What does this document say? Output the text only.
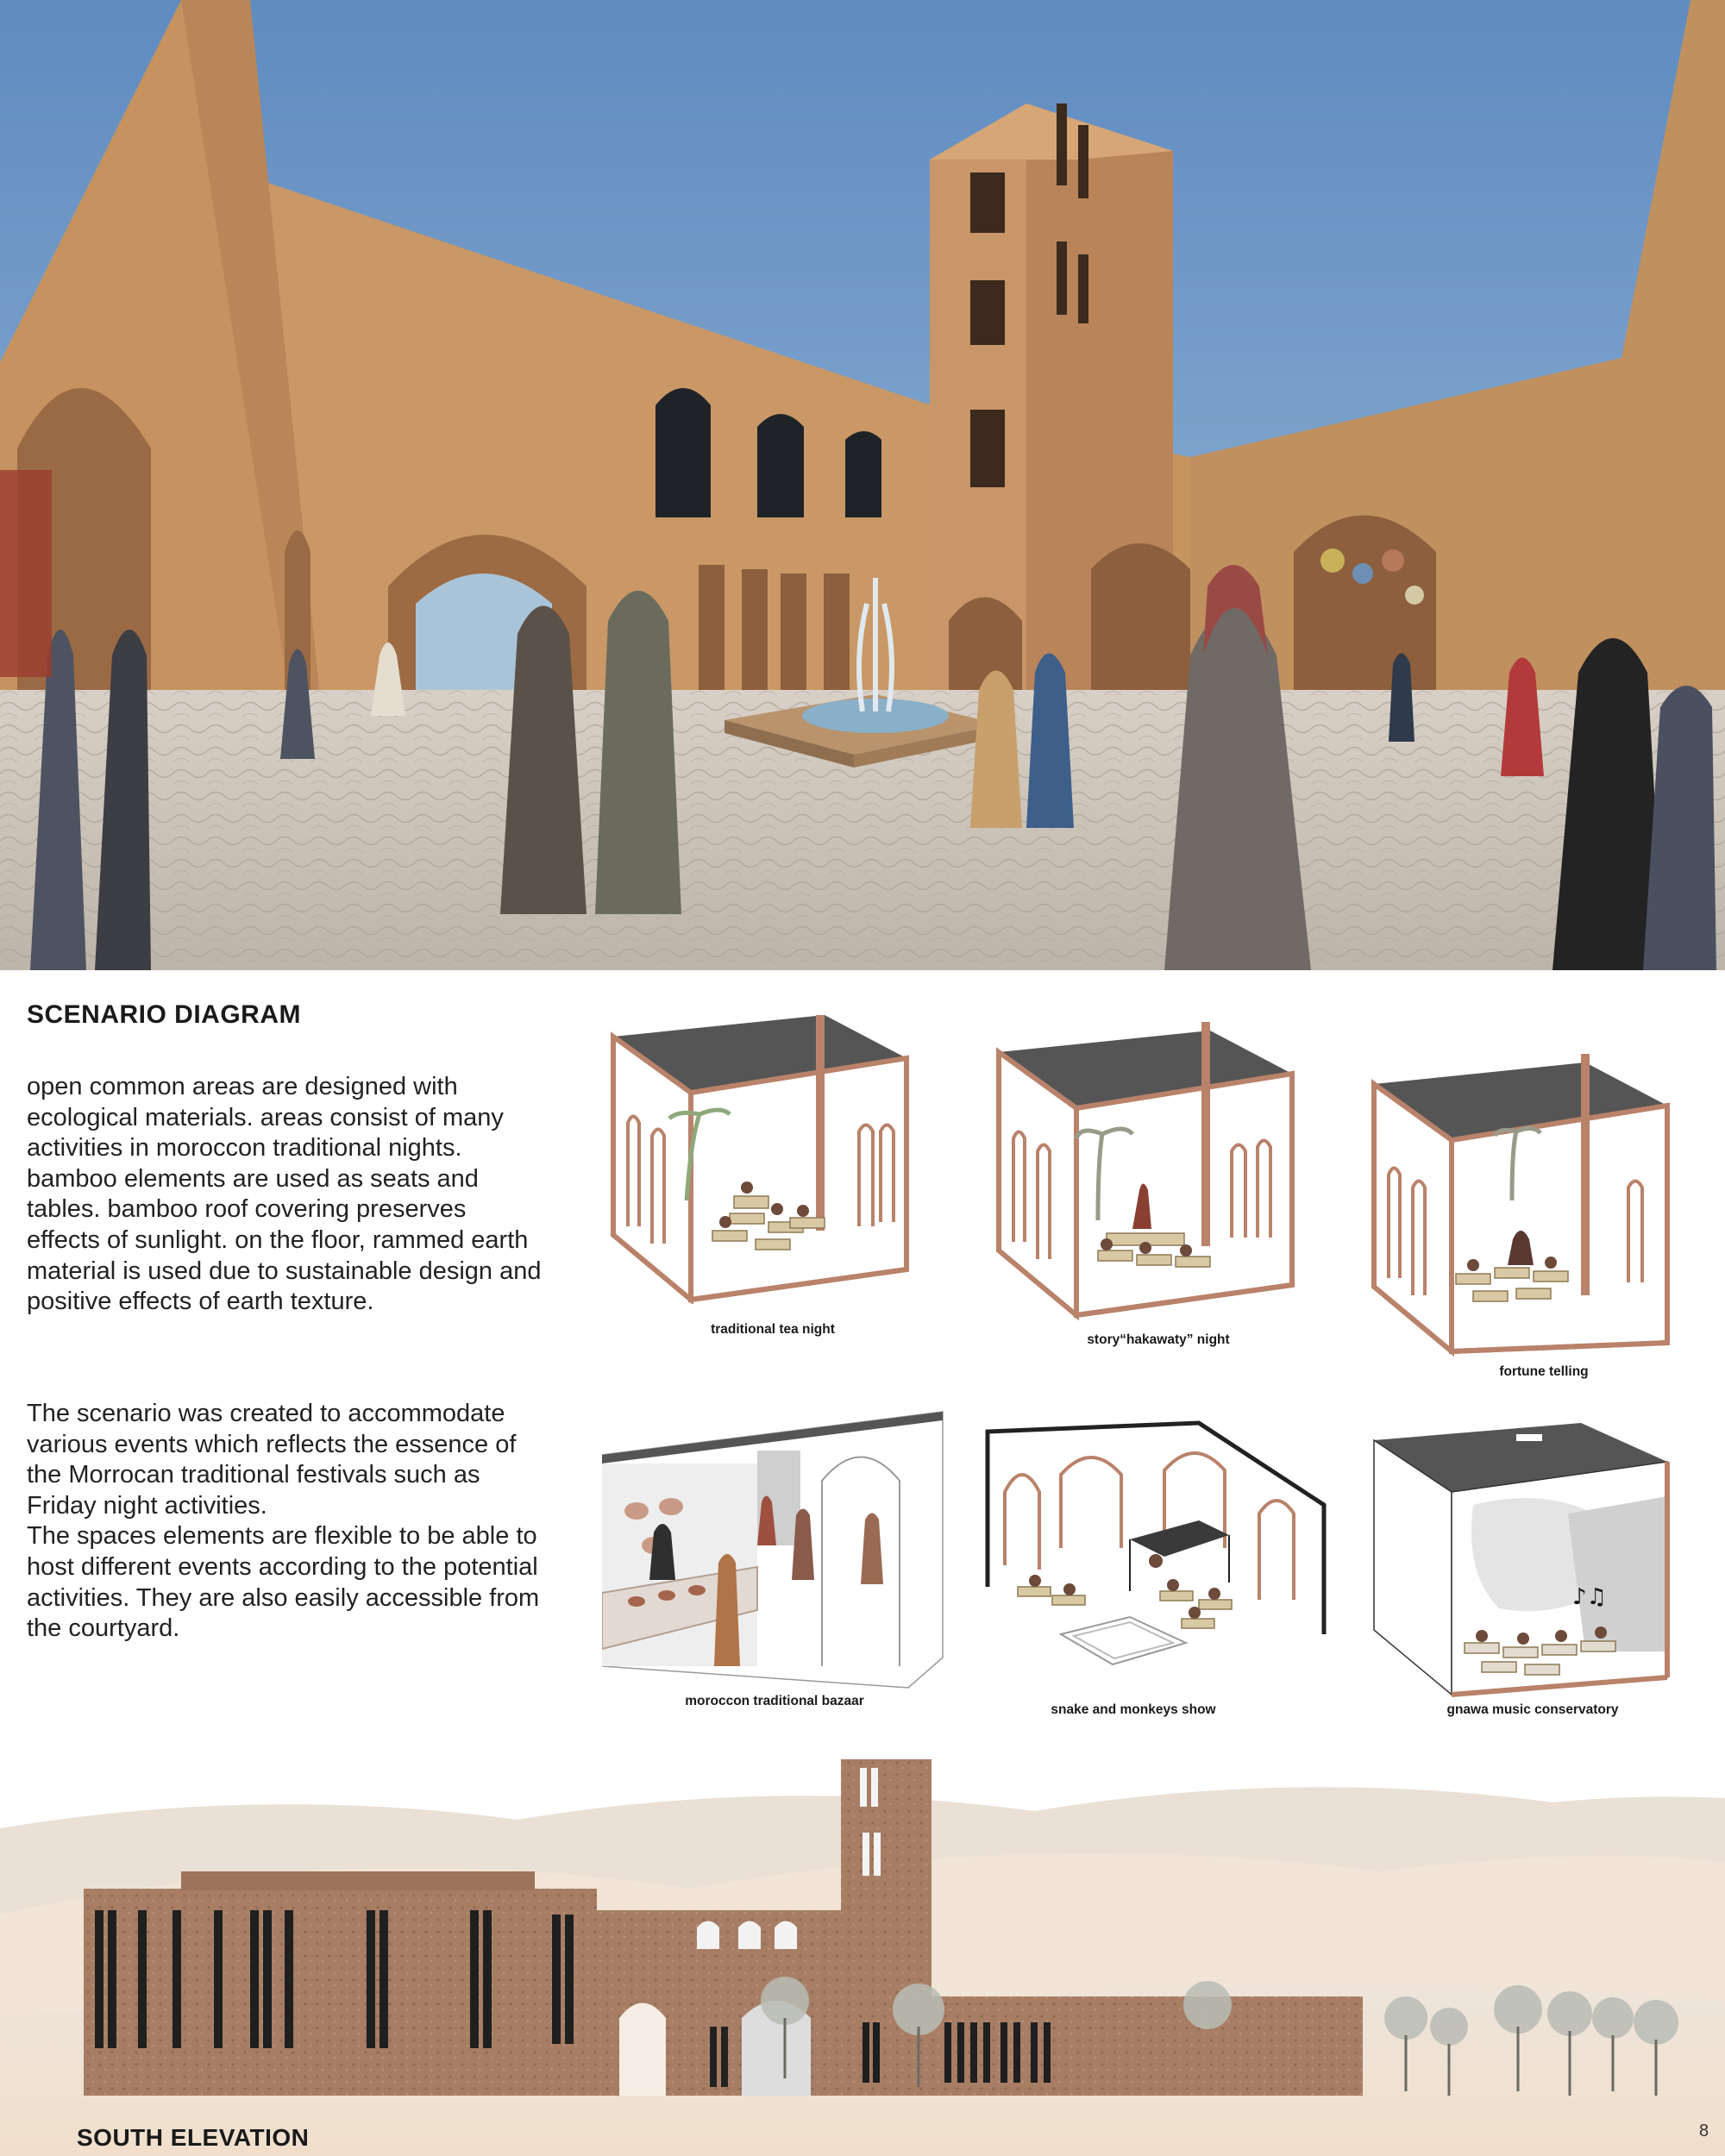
SCENARIO DIAGRAM
open common areas are designed with ecological materials. areas consist of many activities in moroccon traditional nights. bamboo elements are used as seats and tables. bamboo roof covering preserves effects of sunlight. on the floor, rammed earth material is used due to sustainable design and positive effects of earth texture.
The scenario was created to accommodate various events which reflects the essence of the Morrocan traditional festivals such as Friday night activities.
The spaces elements are flexible to be able to host different events according to the potential activities. They are also easily accessible from the courtyard.
traditional tea night
story“hakawaty” night
fortune telling
moroccon traditional bazaar
snake and monkeys show
♪♫
gnawa music conservatory
SOUTH ELEVATION	8
